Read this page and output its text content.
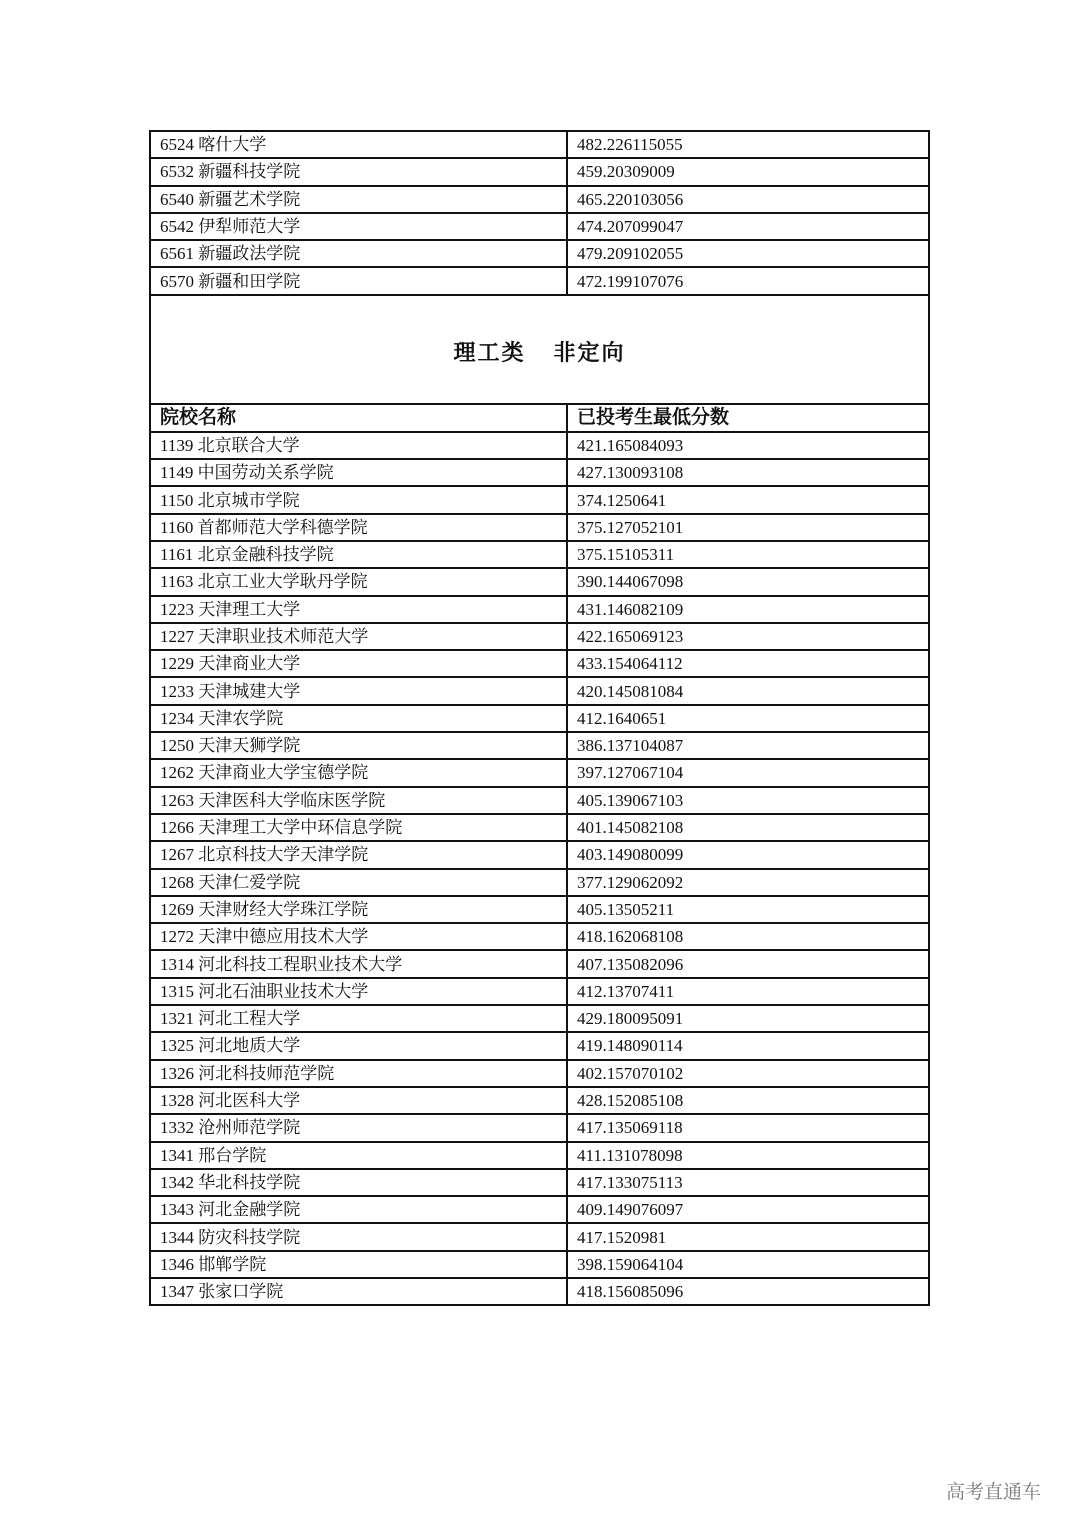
6524 喀什大学	482.226115055
6532 新疆科技学院	459.20309009
6540 新疆艺术学院	465.220103056
6542 伊犁师范大学	474.207099047
6561 新疆政法学院	479.209102055
6570 新疆和田学院	472.199107076
理工类 非定向	
院校名称	已投考生最低分数
1139 北京联合大学	421.165084093
1149 中国劳动关系学院	427.130093108
1150 北京城市学院	374.1250641
1160 首都师范大学科德学院	375.127052101
1161 北京金融科技学院	375.15105311
1163 北京工业大学耿丹学院	390.144067098
1223 天津理工大学	431.146082109
1227 天津职业技术师范大学	422.165069123
1229 天津商业大学	433.154064112
1233 天津城建大学	420.145081084
1234 天津农学院	412.1640651
1250 天津天狮学院	386.137104087
1262 天津商业大学宝德学院	397.127067104
1263 天津医科大学临床医学院	405.139067103
1266 天津理工大学中环信息学院	401.145082108
1267 北京科技大学天津学院	403.149080099
1268 天津仁爱学院	377.129062092
1269 天津财经大学珠江学院	405.13505211
1272 天津中德应用技术大学	418.162068108
1314 河北科技工程职业技术大学	407.135082096
1315 河北石油职业技术大学	412.13707411
1321 河北工程大学	429.180095091
1325 河北地质大学	419.148090114
1326 河北科技师范学院	402.157070102
1328 河北医科大学	428.152085108
1332 沧州师范学院	417.135069118
1341 邢台学院	411.131078098
1342 华北科技学院	417.133075113
1343 河北金融学院	409.149076097
1344 防灾科技学院	417.1520981
1346 邯郸学院	398.159064104
1347 张家口学院	418.156085096
高考直通车
